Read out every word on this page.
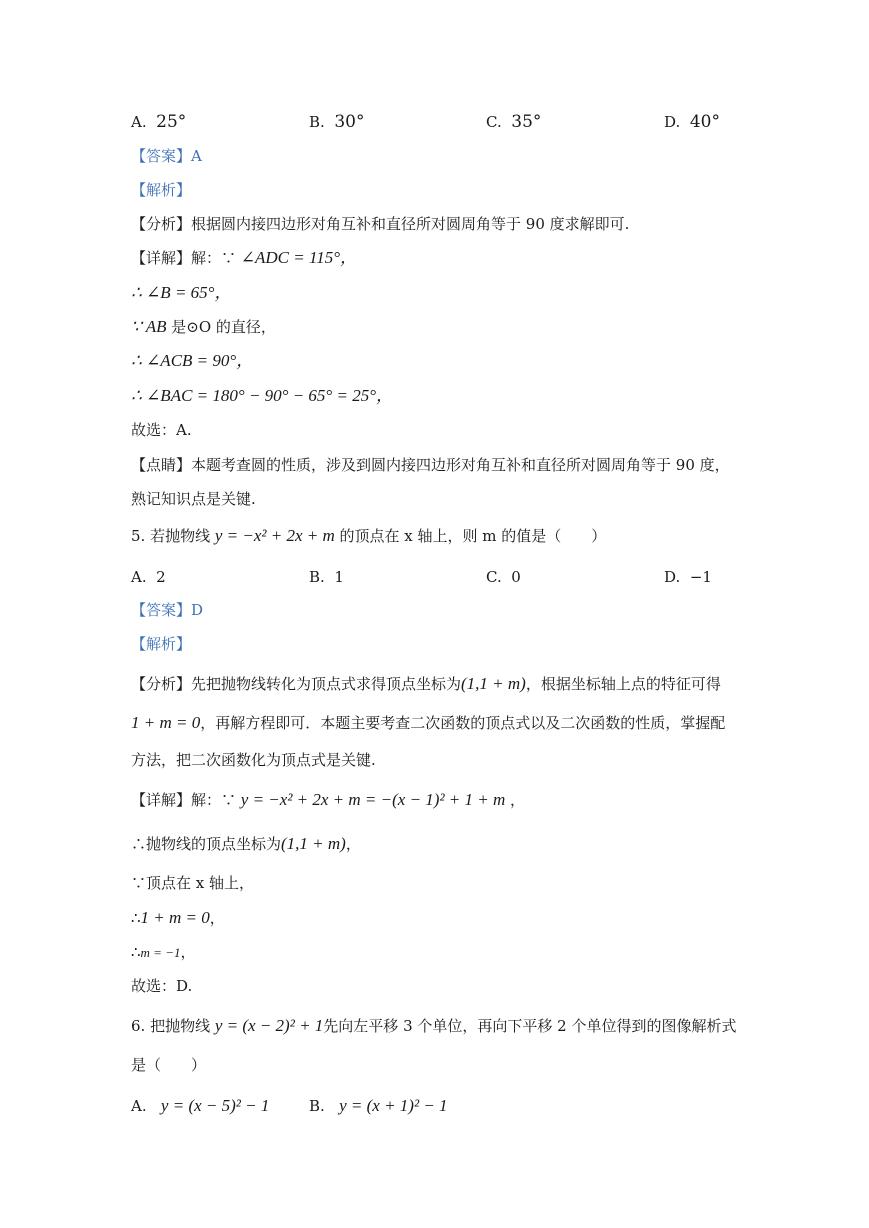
A. 25°	B. 30°	C. 35°	D. 40°
【答案】A
【解析】
【分析】根据圆内接四边形对角互补和直径所对圆周角等于 90 度求解即可.
【详解】解：∵ ∠ADC = 115°，
∴ ∠B = 65°，
∵ AB 是⊙O 的直径，
∴ ∠ACB = 90°，
∴ ∠BAC = 180° − 90° − 65° = 25°，
故选：A.
【点睛】本题考查圆的性质，涉及到圆内接四边形对角互补和直径所对圆周角等于 90 度，
熟记知识点是关键.
5. 若抛物线 y = −x² + 2x + m 的顶点在 x 轴上，则 m 的值是（　　）
A. 2	B. 1	C. 0	D. −1
【答案】D
【解析】
【分析】先把抛物线转化为顶点式求得顶点坐标为(1,1 + m)，根据坐标轴上点的特征可得
1 + m = 0，再解方程即可．本题主要考查二次函数的顶点式以及二次函数的性质，掌握配
方法，把二次函数化为顶点式是关键.
【详解】解：∵ y = −x² + 2x + m = −(x − 1)² + 1 + m ，
∴抛物线的顶点坐标为(1,1 + m)，
∵顶点在 x 轴上，
∴1 + m = 0，
∴m = −1，
故选：D.
6. 把抛物线 y = (x − 2)² + 1先向左平移 3 个单位，再向下平移 2 个单位得到的图像解析式
是（　　）
A. y = (x − 5)² − 1	B. y = (x + 1)² − 1
